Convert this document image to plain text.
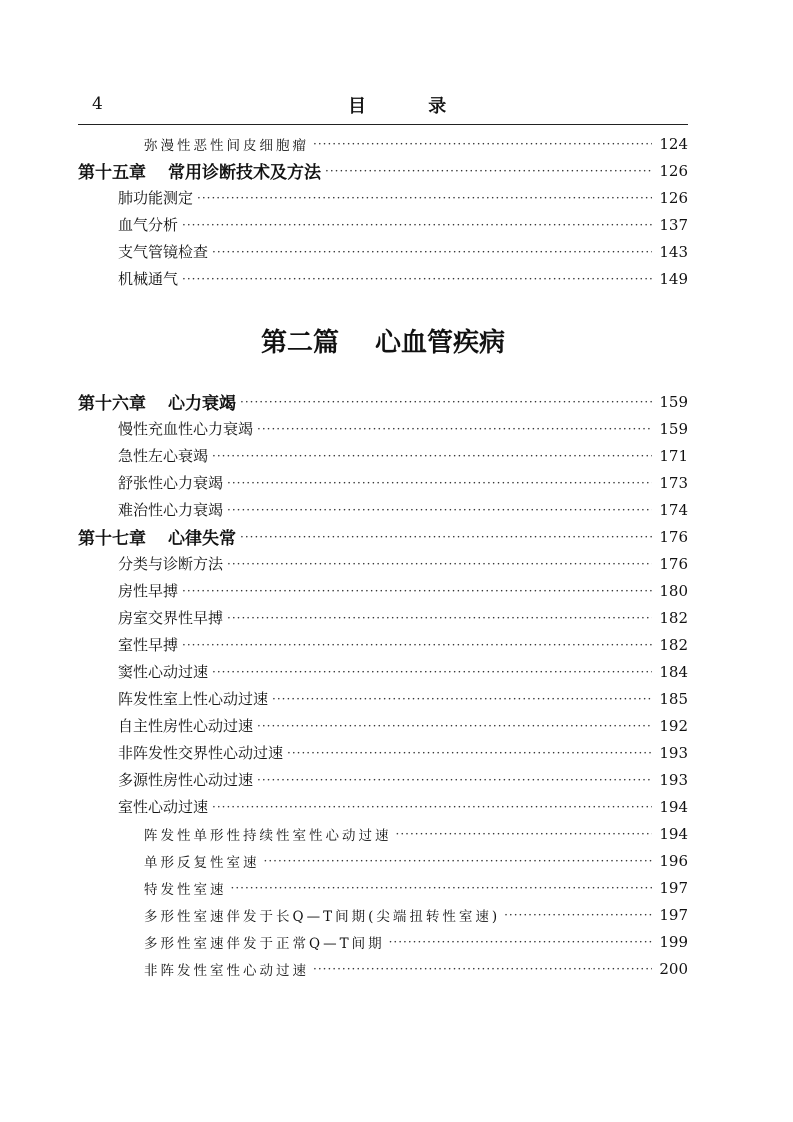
4	目 录
弥漫性恶性间皮细胞瘤 ·····	124
第十五章 常用诊断技术及方法 ·····	126
肺功能测定 ·····	126
血气分析 ·····	137
支气管镜检查 ·····	143
机械通气 ·····	149
第二篇 心血管疾病
第十六章 心力衰竭 ·····	159
慢性充血性心力衰竭 ·····	159
急性左心衰竭 ·····	171
舒张性心力衰竭 ·····	173
难治性心力衰竭 ·····	174
第十七章 心律失常 ·····	176
分类与诊断方法 ·····	176
房性早搏 ·····	180
房室交界性早搏 ·····	182
室性早搏 ·····	182
窦性心动过速 ·····	184
阵发性室上性心动过速 ·····	185
自主性房性心动过速 ·····	192
非阵发性交界性心动过速 ·····	193
多源性房性心动过速 ·····	193
室性心动过速 ·····	194
阵发性单形性持续性室性心动过速 ·····	194
单形反复性室速 ·····	196
特发性室速 ·····	197
多形性室速伴发于长Q—T间期(尖端扭转性室速) ·····	197
多形性室速伴发于正常Q—T间期 ·····	199
非阵发性室性心动过速 ·····	200
